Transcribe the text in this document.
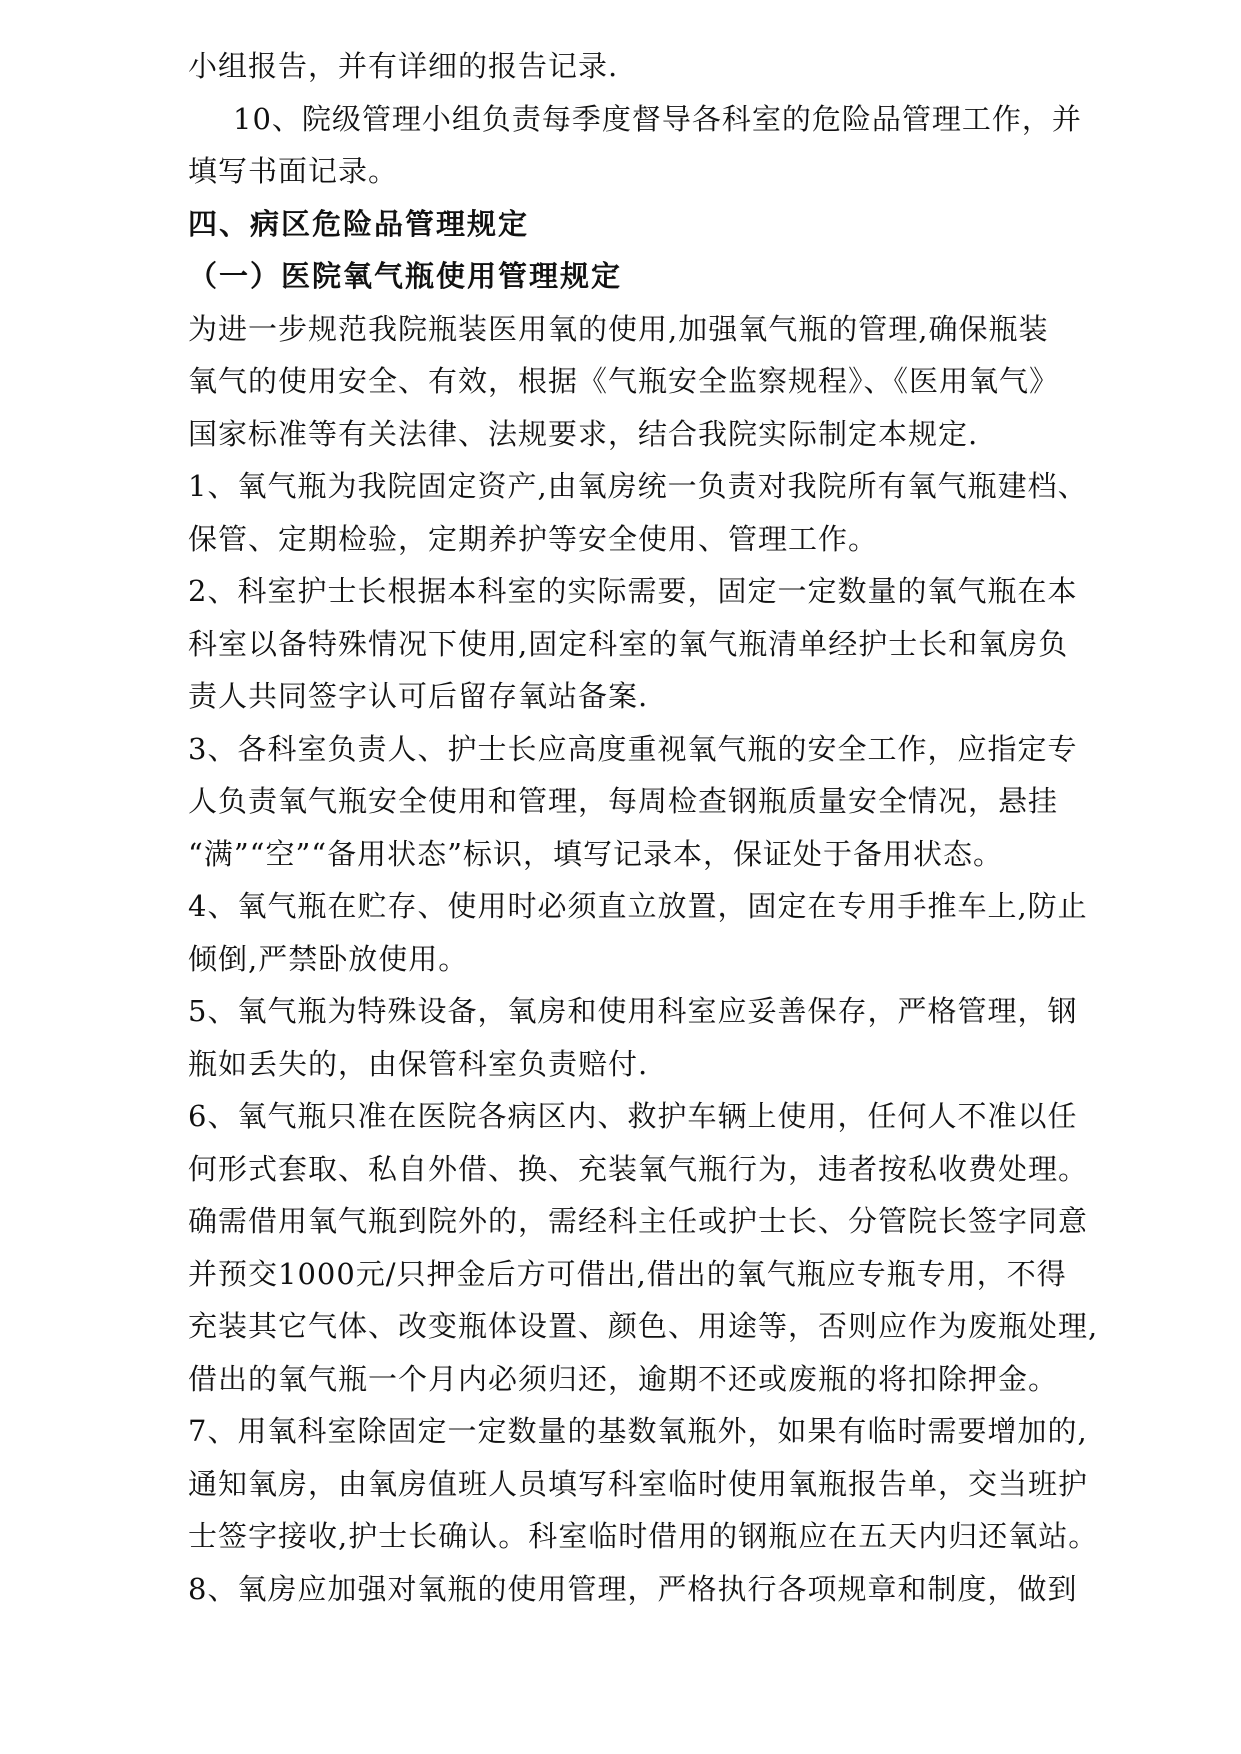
小组报告，并有详细的报告记录.

10、院级管理小组负责每季度督导各科室的危险品管理工作，并

填写书面记录。

四、病区危险品管理规定

（一）医院氧气瓶使用管理规定

为进一步规范我院瓶装医用氧的使用,加强氧气瓶的管理,确保瓶装

氧气的使用安全、有效，根据《气瓶安全监察规程》、《医用氧气》

国家标准等有关法律、法规要求，结合我院实际制定本规定.

1、氧气瓶为我院固定资产,由氧房统一负责对我院所有氧气瓶建档、

保管、定期检验，定期养护等安全使用、管理工作。

2、科室护士长根据本科室的实际需要，固定一定数量的氧气瓶在本

科室以备特殊情况下使用,固定科室的氧气瓶清单经护士长和氧房负

责人共同签字认可后留存氧站备案.

3、各科室负责人、护士长应高度重视氧气瓶的安全工作，应指定专

人负责氧气瓶安全使用和管理，每周检查钢瓶质量安全情况，悬挂

“满”“空”“备用状态”标识，填写记录本，保证处于备用状态。

4、氧气瓶在贮存、使用时必须直立放置，固定在专用手推车上,防止

倾倒,严禁卧放使用。

5、氧气瓶为特殊设备，氧房和使用科室应妥善保存，严格管理，钢

瓶如丢失的，由保管科室负责赔付.

6、氧气瓶只准在医院各病区内、救护车辆上使用，任何人不准以任

何形式套取、私自外借、换、充装氧气瓶行为，违者按私收费处理。

确需借用氧气瓶到院外的，需经科主任或护士长、分管院长签字同意

并预交1000元/只押金后方可借出,借出的氧气瓶应专瓶专用，不得

充装其它气体、改变瓶体设置、颜色、用途等，否则应作为废瓶处理,

借出的氧气瓶一个月内必须归还，逾期不还或废瓶的将扣除押金。

7、用氧科室除固定一定数量的基数氧瓶外，如果有临时需要增加的,

通知氧房，由氧房值班人员填写科室临时使用氧瓶报告单，交当班护

士签字接收,护士长确认。科室临时借用的钢瓶应在五天内归还氧站。

8、氧房应加强对氧瓶的使用管理，严格执行各项规章和制度，做到
